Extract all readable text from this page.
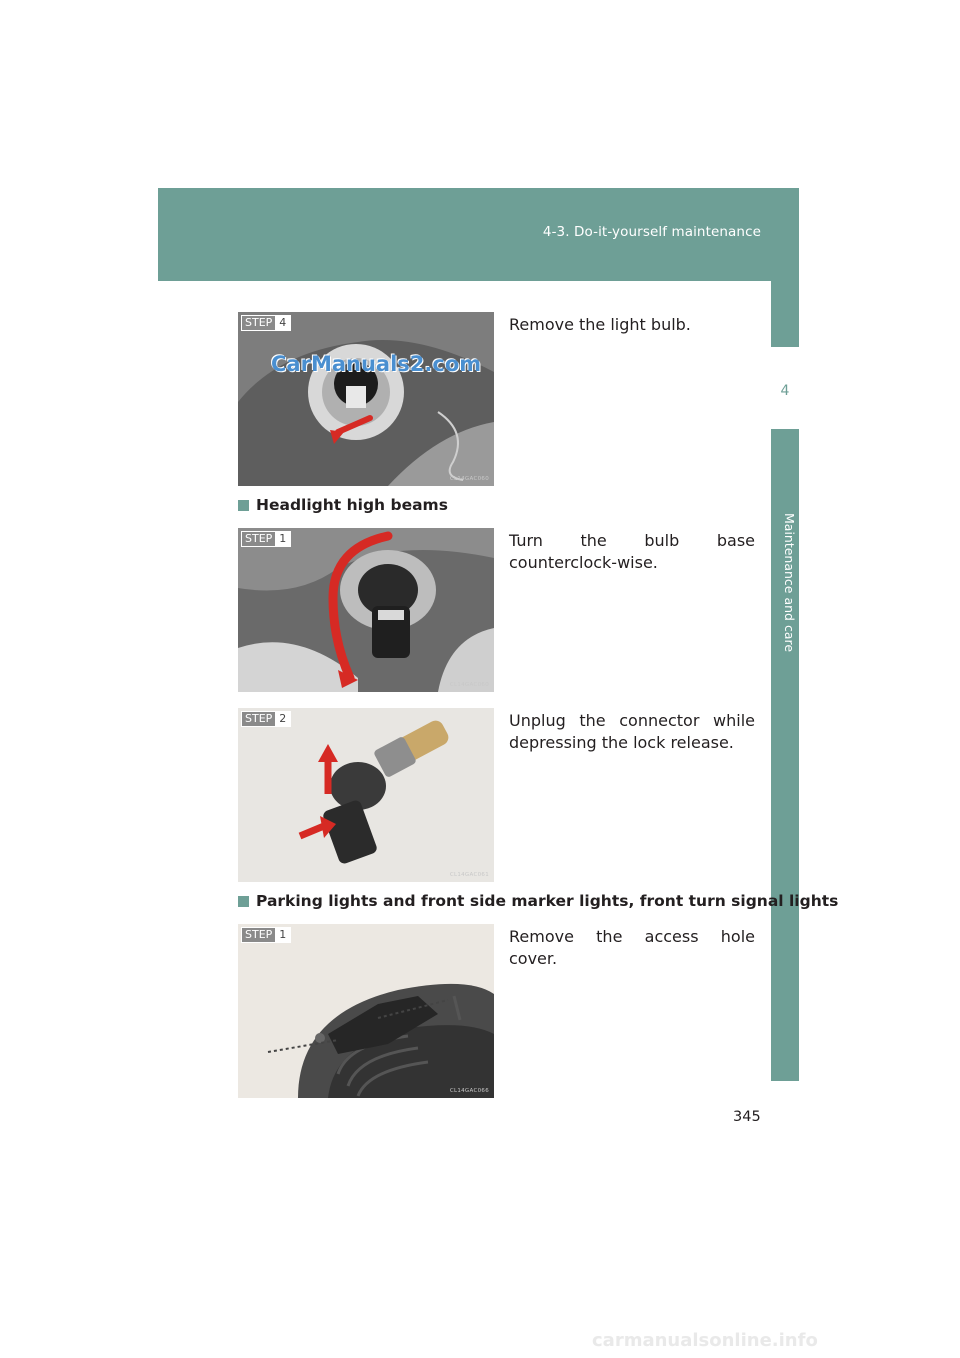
4-3. Do-it-yourself maintenance
4
Maintenance and care
CarManuals2.com
STEP 4
CL14GAC060

Remove the light bulb.

Headlight high beams
STEP 1
CL14GAC060

Turn the bulb base counterclock-wise.

STEP 2
CL14GAC061

Unplug the connector while depressing the lock release.

Parking lights and front side marker lights, front turn signal lights
STEP 1
CL14GAC066

Remove the access hole cover.

345
carmanualsonline.info
